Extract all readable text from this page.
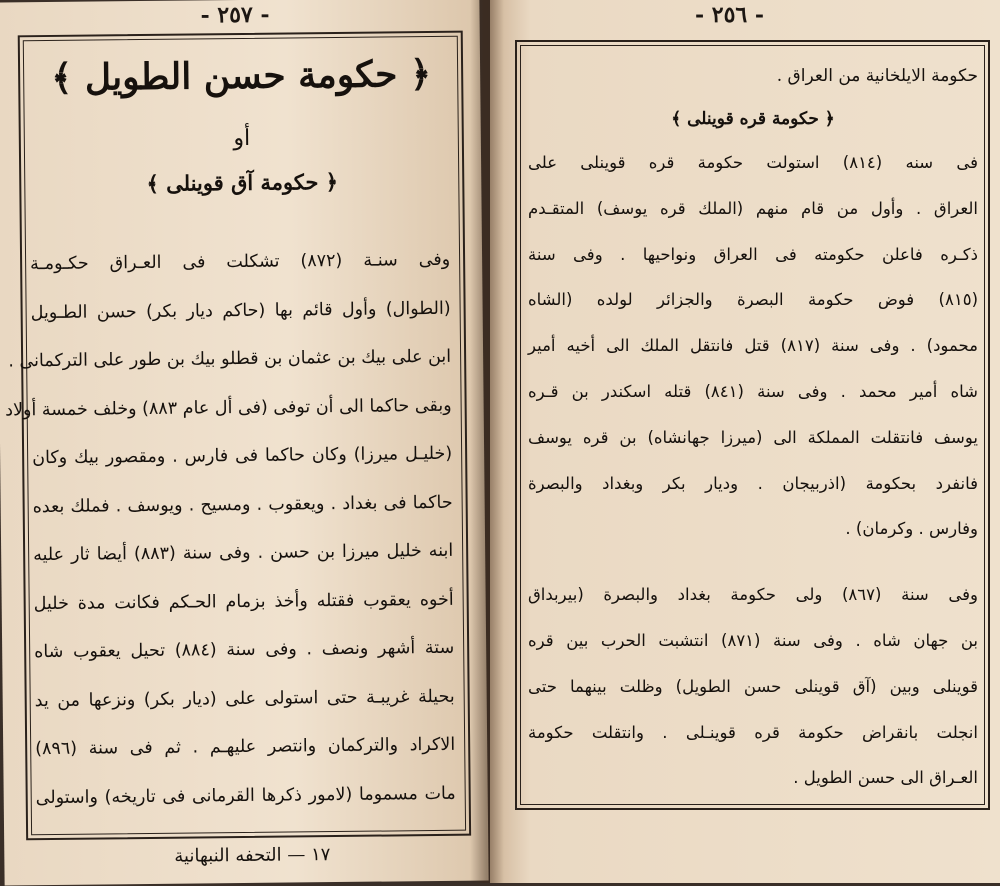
- ٢٥٧ -
﴿ حكومة حسن الطويل ﴾
أو
﴿ حكومة آق قوينلى ﴾
وفى سنـة (٨٧٢) تشكلت فى العـراق حكـومـة
(الطوال) وأول قائم بها (حاكم ديار بكر) حسن الطـويل
ابن على بيك بن عثمان بن قطلو بيك بن طور على التركمانى .
وبقى حاكما الى أن توفى (فى أل عام ٨٨٣) وخلف خمسة أولاد
(خليـل ميرزا) وكان حاكما فى فارس . ومقصور بيك وكان
حاكما فى بغداد . ويعقوب . ومسيح . ويوسف . فملك بعده
ابنه خليل ميرزا بن حسن . وفى سنة (٨٨٣) أيضا ثار عليه
أخوه يعقوب فقتله وأخذ بزمام الحـكم فكانت مدة خليل
ستة أشهر ونصف . وفى سنة (٨٨٤) تحيل يعقوب شاه
بحيلة غريبـة حتى استولى على (ديار بكر) ونزعها من يد
الاكراد والتركمان وانتصر عليهـم . ثم فى سنة (٨٩٦)
مات مسموما (لامور ذكرها القرمانى فى تاريخه) واستولى
١٧ — التحفه النبهانية
- ٢٥٦ -
حكومة الايلخانية من العراق .
﴿ حكومة قره قوينلى ﴾
فى سنه (٨١٤) استولت حكومة قره قوينلى على
العراق . وأول من قام منهم (الملك قره يوسف) المتقـدم
ذكـره فاعلن حكومته فى العراق ونواحيها . وفى سنة
(٨١٥) فوض حكومة البصرة والجزائر لولده (الشاه
محمود) . وفى سنة (٨١٧) قتل فانتقل الملك الى أخيه أمير
شاه أمير محمد . وفى سنة (٨٤١) قتله اسكندر بن قـره
يوسف فانتقلت المملكة الى (ميرزا جهانشاه) بن قره يوسف
فانفرد بحكومة (اذربيجان . وديار بكر وبغداد والبصرة
وفارس . وكرمان) .
وفى سنة (٨٦٧) ولى حكومة بغداد والبصرة (بيربداق
بن جهان شاه . وفى سنة (٨٧١) انتشبت الحرب بين قره
قوينلى وبين (آق قوينلى حسن الطويل) وظلت بينهما حتى
انجلت بانقراض حكومة قره قوينـلى . وانتقلت حكومة
العـراق الى حسن الطويل .
